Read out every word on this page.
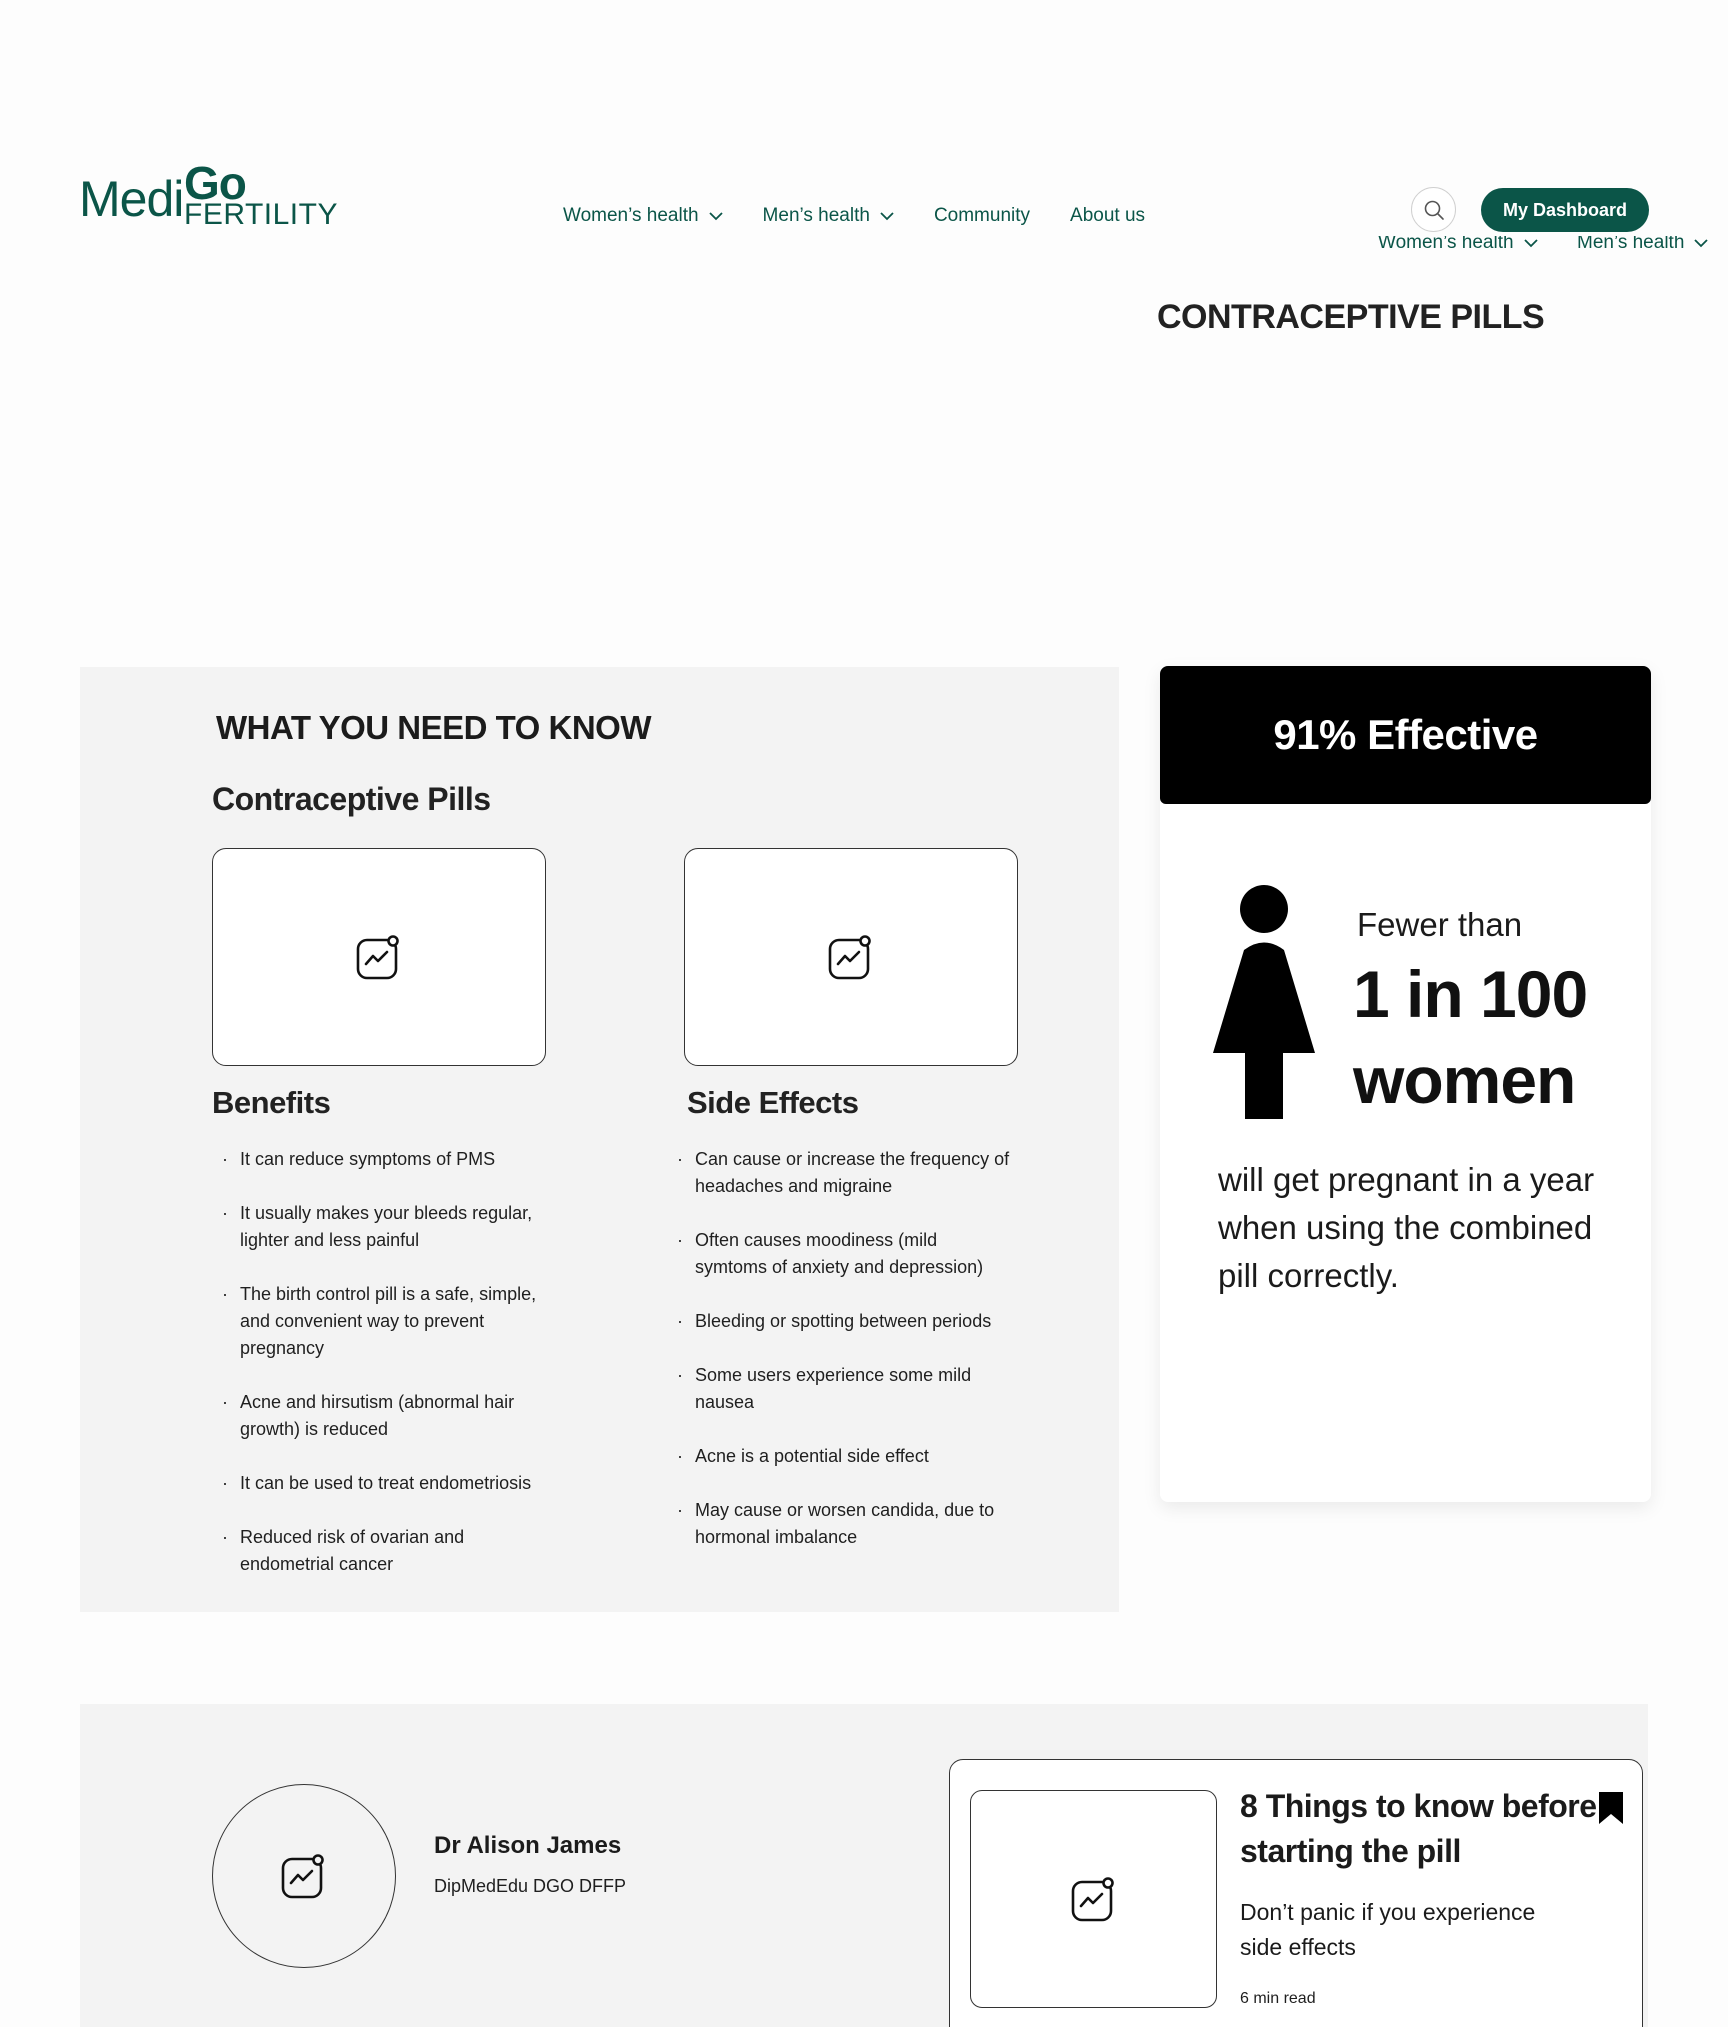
Medi Go
FERTILITY	Women’s health	Men’s health	Community About us	My Dashboard
Women’s health	Men’s health
CONTRACEPTIVE PILLS
WHAT YOU NEED TO KNOW
Contraceptive Pills
Benefits	Side Effects
· It can reduce symptoms of PMS
· It usually makes your bleeds regular, lighter and less painful
· The birth control pill is a safe, simple, and convenient way to prevent pregnancy
· Acne and hirsutism (abnormal hair growth) is reduced
· It can be used to treat endometriosis
· Reduced risk of ovarian and endometrial cancer
· Can cause or increase the frequency of headaches and migraine
· Often causes moodiness (mild symtoms of anxiety and depression)
· Bleeding or spotting between periods
· Some users experience some mild nausea
· Acne is a potential side effect
· May cause or worsen candida, due to hormonal imbalance
91% Effective
Fewer than
1 in 100
women

will get pregnant in a year when using the combined pill correctly.

Dr Alison James
DipMedEdu DGO DFFP
8 Things to know before starting the pill

Don’t panic if you experience side effects

6 min read
